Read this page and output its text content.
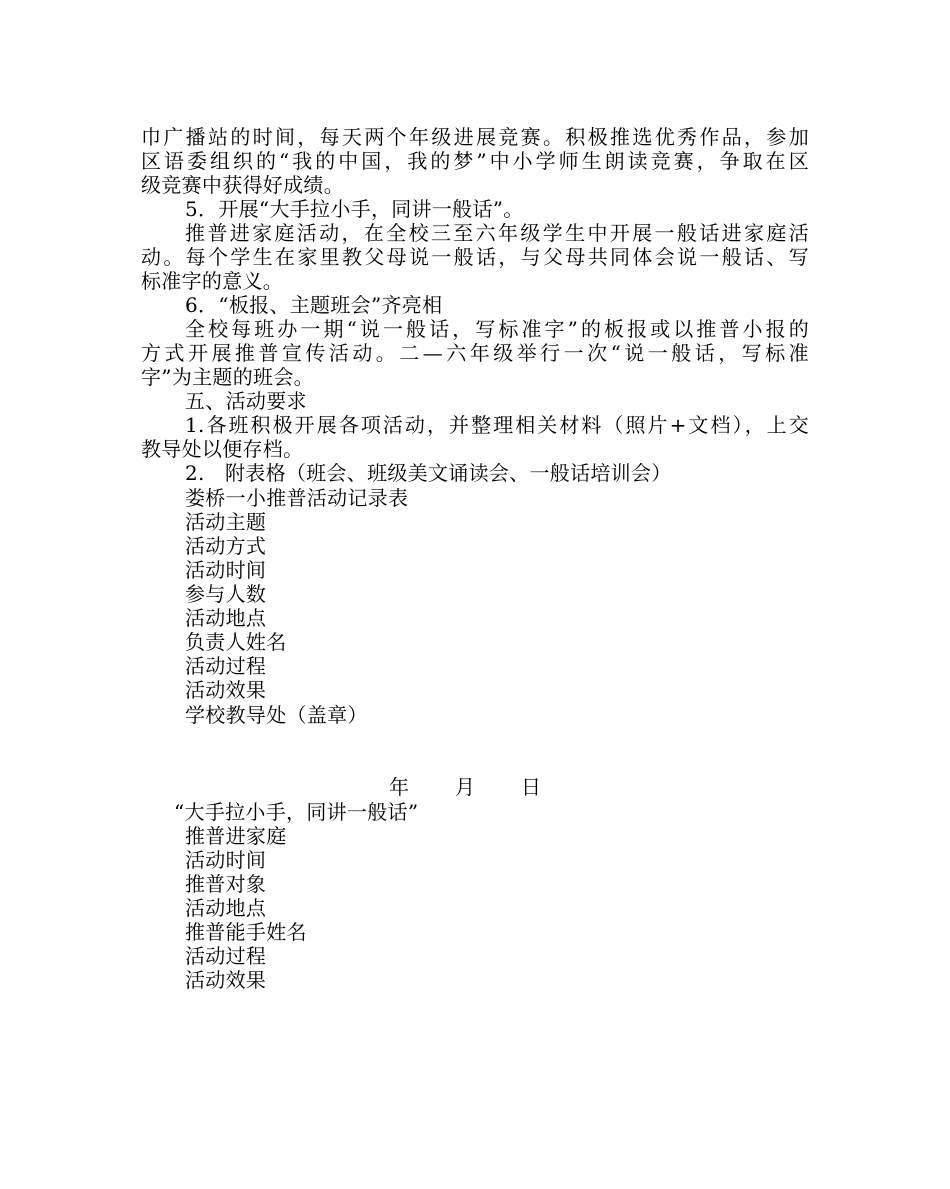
巾广播站的时间，每天两个年级进展竞赛。积极推选优秀作品，参加
区语委组织的“我的中国，我的梦”中小学师生朗读竞赛，争取在区
级竞赛中获得好成绩。
5．开展“大手拉小手，同讲一般话”。
推普进家庭活动，在全校三至六年级学生中开展一般话进家庭活
动。每个学生在家里教父母说一般话，与父母共同体会说一般话、写
标准字的意义。
6．“板报、主题班会”齐亮相
全校每班办一期“说一般话，写标准字”的板报或以推普小报的
方式开展推普宣传活动。二—六年级举行一次“说一般话，写标准
字”为主题的班会。
五、活动要求
1.各班积极开展各项活动，并整理相关材料（照片+文档），上交
教导处以便存档。
2.　附表格（班会、班级美文诵读会、一般话培训会）
娄桥一小推普活动记录表
活动主题
活动方式
活动时间
参与人数
活动地点
负责人姓名
活动过程
活动效果
学校教导处（盖章）
年 月 日
“大手拉小手，同讲一般话”
推普进家庭
活动时间
推普对象
活动地点
推普能手姓名
活动过程
活动效果
